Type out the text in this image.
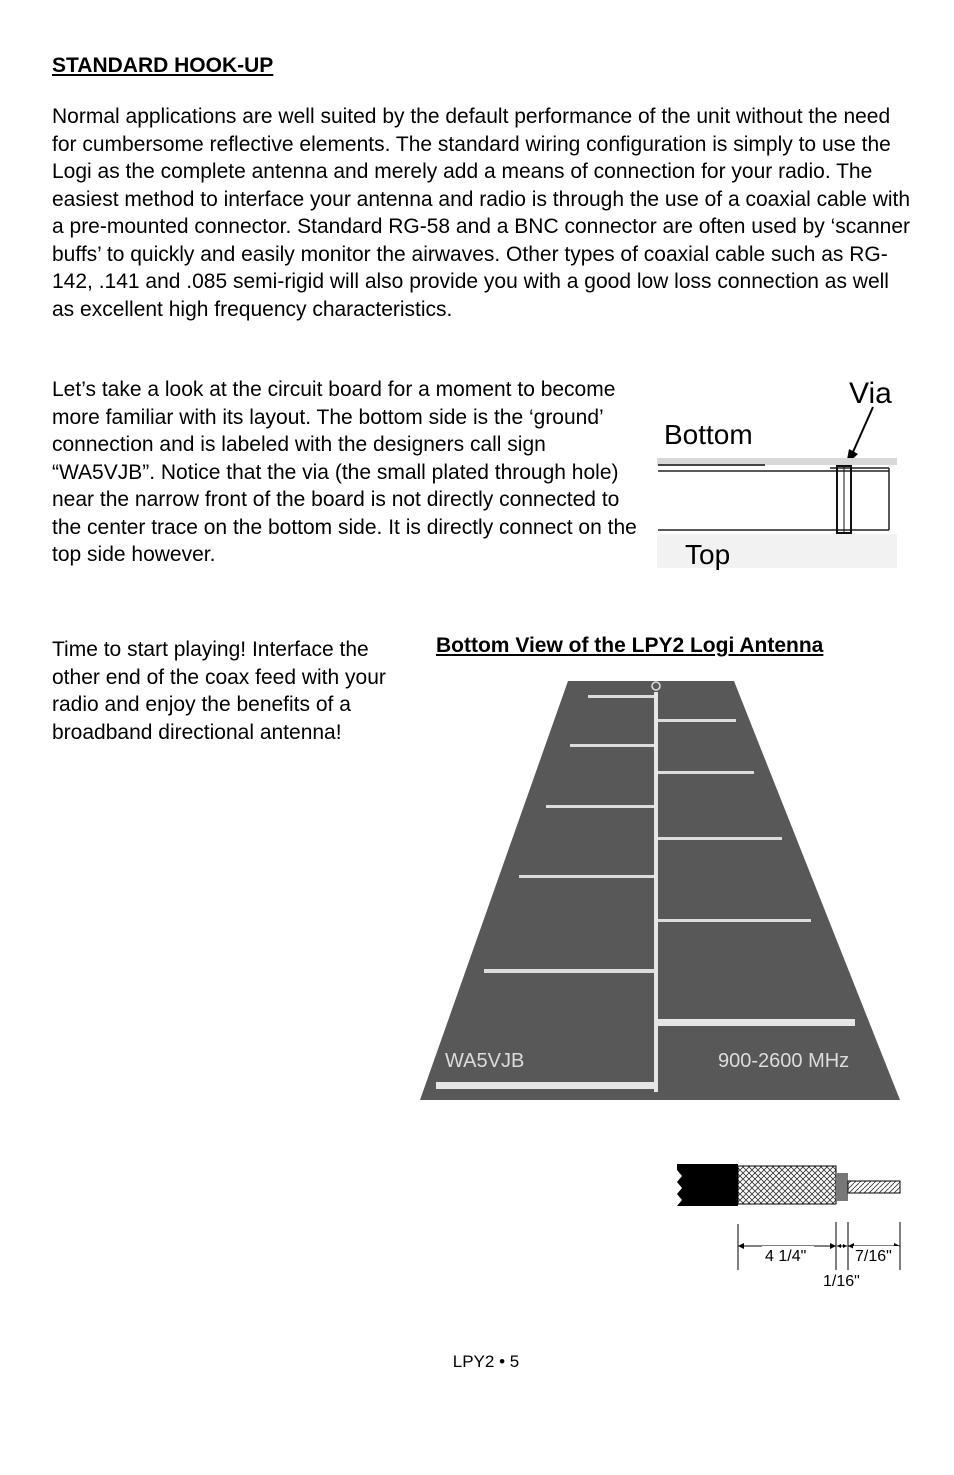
STANDARD HOOK-UP

Normal applications are well suited by the default performance of the unit without the need for cumbersome reflective elements. The standard wiring configuration is simply to use the Logi as the complete antenna and merely add a means of connection for your radio. The easiest method to interface your antenna and radio is through the use of a coaxial cable with a pre-mounted connector. Standard RG-58 and a BNC connector are often used by ‘scanner buffs’ to quickly and easily monitor the airwaves. Other types of coaxial cable such as RG-142, .141 and .085 semi-rigid will also provide you with a good low loss connection as well as excellent high frequency characteristics.

Let’s take a look at the circuit board for a moment to become more familiar with its layout. The bottom side is the ‘ground’ connection and is labeled with the designers call sign “WA5VJB”. Notice that the via (the small plated through hole) near the narrow front of the board is not directly connected to the center trace on the bottom side. It is directly connect on the top side however.

Via
Bottom
Top

Time to start playing! Interface the other end of the coax feed with your radio and enjoy the benefits of a broadband directional antenna!

Bottom View of the LPY2 Logi Antenna
WA5VJB	900-2600 MHz
4 1/4"	7/16"
1/16"
LPY2 • 5
